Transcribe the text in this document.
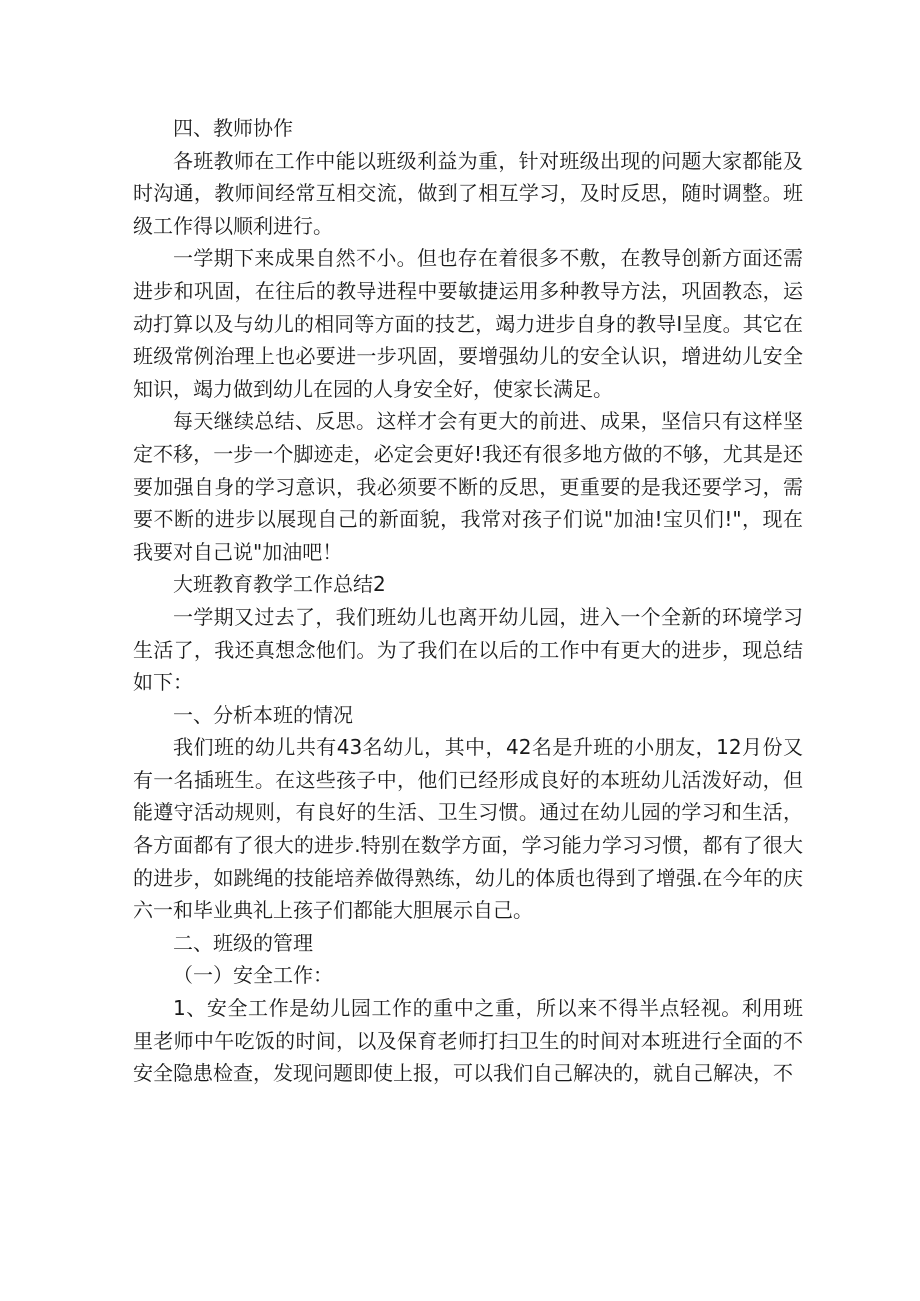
四、教师协作

各班教师在工作中能以班级利益为重，针对班级出现的问题大家都能及时沟通，教师间经常互相交流，做到了相互学习，及时反思，随时调整。班级工作得以顺利进行。

一学期下来成果自然不小。但也存在着很多不敷，在教导创新方面还需进步和巩固，在往后的教导进程中要敏捷运用多种教导方法，巩固教态，运动打算以及与幼儿的相同等方面的技艺，竭力进步自身的教导I呈度。其它在班级常例治理上也必要进一步巩固，要增强幼儿的安全认识，增进幼儿安全知识，竭力做到幼儿在园的人身安全好，使家长满足。

每天继续总结、反思。这样才会有更大的前进、成果，坚信只有这样坚定不移，一步一个脚迹走，必定会更好!我还有很多地方做的不够，尤其是还要加强自身的学习意识，我必须要不断的反思，更重要的是我还要学习，需要不断的进步以展现自己的新面貌，我常对孩子们说"加油!宝贝们!"，现在我要对自己说"加油吧！

大班教育教学工作总结2

一学期又过去了，我们班幼儿也离开幼儿园，进入一个全新的环境学习生活了，我还真想念他们。为了我们在以后的工作中有更大的进步，现总结如下：

一、分析本班的情况

我们班的幼儿共有43名幼儿，其中，42名是升班的小朋友，12月份又有一名插班生。在这些孩子中，他们已经形成良好的本班幼儿活泼好动，但能遵守活动规则，有良好的生活、卫生习惯。通过在幼儿园的学习和生活，各方面都有了很大的进步.特别在数学方面，学习能力学习习惯，都有了很大的进步，如跳绳的技能培养做得熟练，幼儿的体质也得到了增强.在今年的庆六一和毕业典礼上孩子们都能大胆展示自己。

二、班级的管理

（一）安全工作：

1、安全工作是幼儿园工作的重中之重，所以来不得半点轻视。利用班里老师中午吃饭的时间，以及保育老师打扫卫生的时间对本班进行全面的不安全隐患检查，发现问题即使上报，可以我们自己解决的，就自己解决，不
